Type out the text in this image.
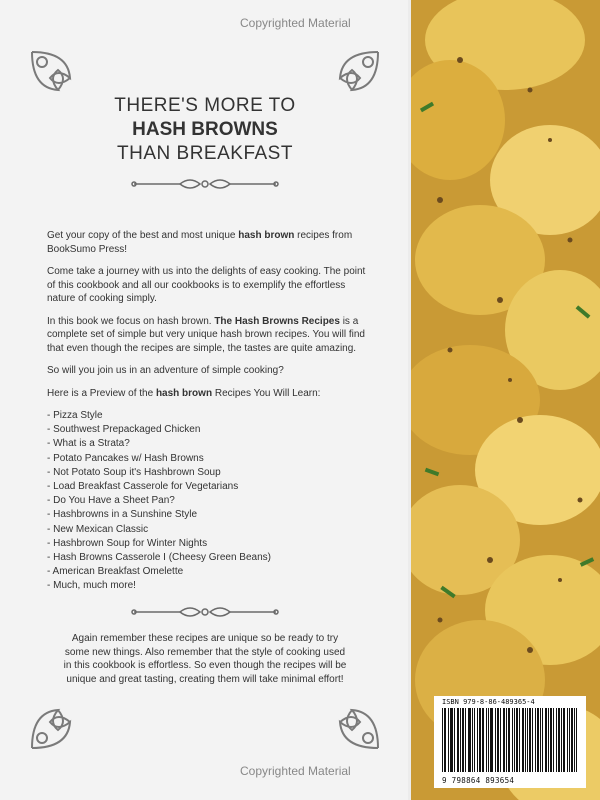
Copyrighted Material
THERE'S MORE TO
HASH BROWNS
THAN BREAKFAST

Get your copy of the best and most unique hash brown recipes from BookSumo Press!

Come take a journey with us into the delights of easy cooking. The point of this cookbook and all our cookbooks is to exemplify the effortless nature of cooking simply.

In this book we focus on hash brown. The Hash Browns Recipes is a complete set of simple but very unique hash brown recipes. You will find that even though the recipes are simple, the tastes are quite amazing.

So will you join us in an adventure of simple cooking?

Here is a Preview of the hash brown Recipes You Will Learn:

- Pizza Style
- Southwest Prepackaged Chicken
- What is a Strata?
- Potato Pancakes w/ Hash Browns
- Not Potato Soup it's Hashbrown Soup
- Load Breakfast Casserole for Vegetarians
- Do You Have a Sheet Pan?
- Hashbrowns in a Sunshine Style
- New Mexican Classic
- Hashbrown Soup for Winter Nights
- Hash Browns Casserole I (Cheesy Green Beans)
- American Breakfast Omelette
- Much, much more!
Again remember these recipes are unique so be ready to try some new things. Also remember that the style of cooking used in this cookbook is effortless. So even though the recipes will be unique and great tasting, creating them will take minimal effort!
Copyrighted Material
ISBN 979-8-86-489365-4
9 798864 893654
